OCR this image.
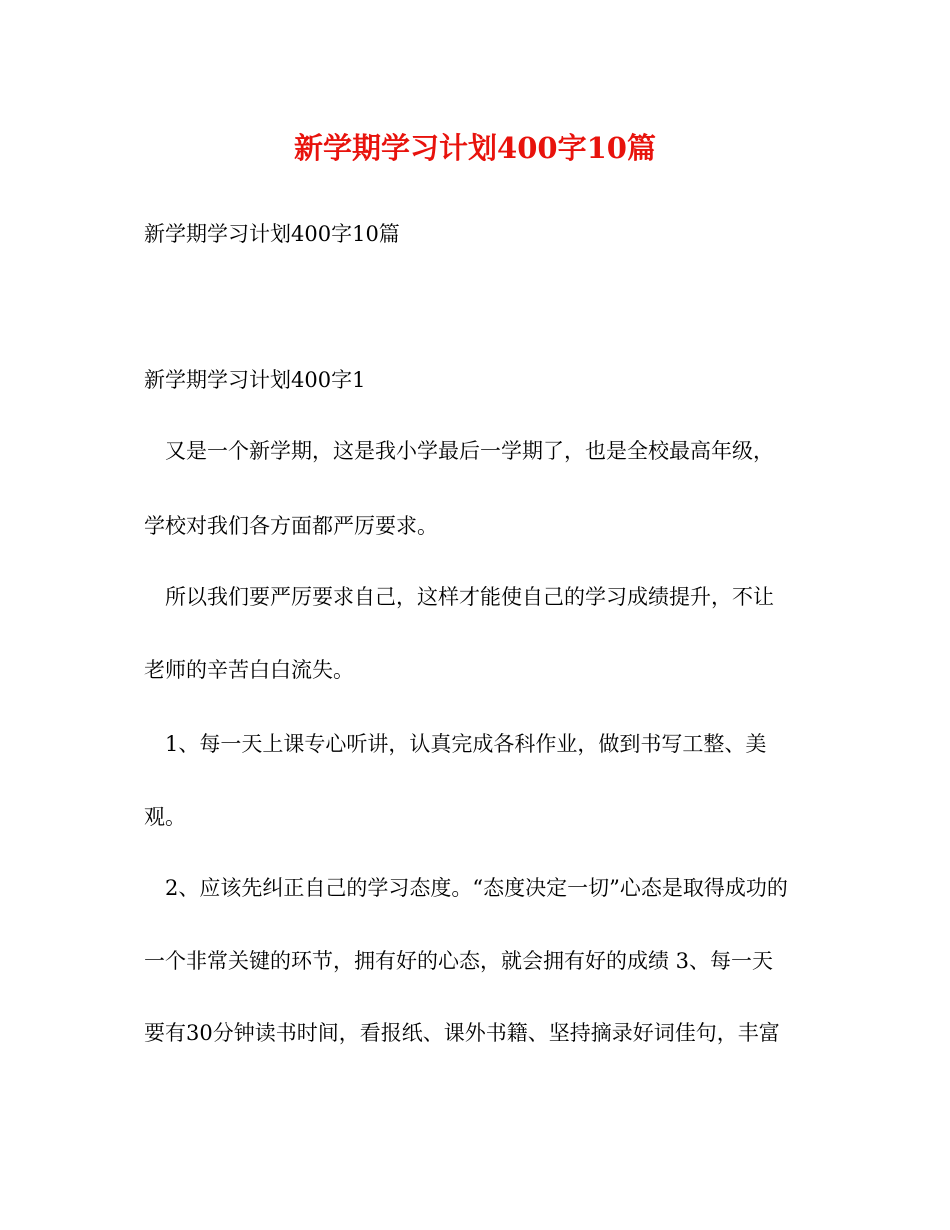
新学期学习计划400字10篇
新学期学习计划400字10篇
新学期学习计划400字1
　又是一个新学期，这是我小学最后一学期了，也是全校最高年级，
学校对我们各方面都严厉要求。
　所以我们要严厉要求自己，这样才能使自己的学习成绩提升，不让
老师的辛苦白白流失。
　1、每一天上课专心听讲，认真完成各科作业，做到书写工整、美
观。
　2、应该先纠正自己的学习态度。“态度决定一切”心态是取得成功的
一个非常关键的环节，拥有好的心态，就会拥有好的成绩 3、每一天
要有30分钟读书时间，看报纸、课外书籍、坚持摘录好词佳句，丰富
